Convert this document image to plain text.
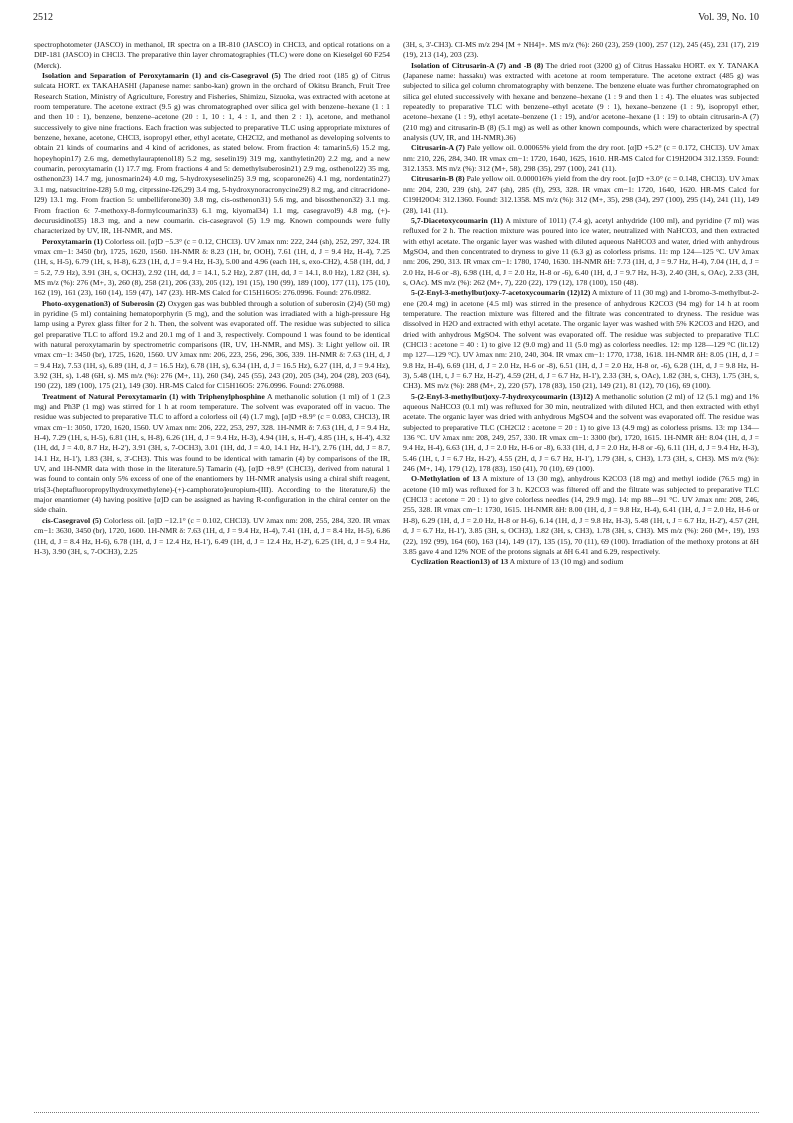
2512	Vol. 39, No. 10

spectrophotometer (JASCO) in methanol, IR spectra on a IR-810 (JASCO) in CHCl3, and optical rotations on a DIP-181 (JASCO) in CHCl3. The preparative thin layer chromatographies (TLC) were done on Kieselgel 60 F254 (Merck).

Isolation and Separation of Peroxytamarin (1) and cis-Casegravol (5) The dried root (185 g) of Citrus sulcata HORT. ex TAKAHASHI (Japanese name: sanbo-kan) grown in the orchard of Okitsu Branch, Fruit Tree Research Station, Ministry of Agriculture, Forestry and Fisheries, Shimizu, Sizuoka, was extracted with acetone at room temperature. The acetone extract (9.5 g) was chromatographed over silica gel with benzene–hexane (1 : 1 and then 10 : 1), benzene, benzene–acetone (20 : 1, 10 : 1, 4 : 1, and then 2 : 1), acetone, and methanol successively to give nine fractions. Each fraction was subjected to preparative TLC using appropriate mixtures of benzene, hexane, acetone, CHCl3, isopropyl ether, ethyl acetate, CH2Cl2, and methanol as developing solvents to obtain 21 kinds of coumarins and 4 kind of acridones, as stated below. From fraction 4: tamarin5,6) 15.2 mg, hopeyhopin17) 2.6 mg, demethylauraptenol18) 5.2 mg, seselin19) 319 mg, xanthyletin20) 2.2 mg, and a new coumarin, peroxytamarin (1) 17.7 mg. From fractions 4 and 5: demethylsuberosin21) 2.9 mg, osthenol22) 35 mg, osthenon23) 14.7 mg, junosmarin24) 4.0 mg, 5-hydroxyseselin25) 3.9 mg, scoparone26) 4.1 mg, nordentatin27) 3.1 mg, natsucitrine-I28) 5.0 mg, citprssine-I26,29) 3.4 mg, 5-hydroxynoracronycine29) 8.2 mg, and citracridone-I29) 13.1 mg. From fraction 5: umbelliferone30) 3.8 mg, cis-osthenon31) 5.6 mg, and bisosthenon32) 3.1 mg. From fraction 6: 7-methoxy-8-formylcoumarin33) 6.1 mg, kiyomal34) 1.1 mg, casegravol9) 4.8 mg, (+)-decurusidinol35) 18.3 mg, and a new coumarin. cis-casegravol (5) 1.9 mg. Known compounds were fully characterized by UV, IR, 1H-NMR, and MS.

Peroxytamarin (1) Colorless oil. [α]D −5.3° (c = 0.12, CHCl3). UV λmax nm: 222, 244 (sh), 252, 297, 324. IR νmax cm−1: 3450 (br), 1725, 1620, 1560. 1H-NMR δ: 8.23 (1H, br, OOH), 7.61 (1H, d, J = 9.4 Hz, H-4), 7.25 (1H, s, H-5), 6.79 (1H, s, H-8), 6.23 (1H, d, J = 9.4 Hz, H-3), 5.00 and 4.96 (each 1H, s, exo-CH2), 4.58 (1H, dd, J = 5.2, 7.9 Hz), 3.91 (3H, s, OCH3), 2.92 (1H, dd, J = 14.1, 5.2 Hz), 2.87 (1H, dd, J = 14.1, 8.0 Hz), 1.82 (3H, s). MS m/z (%): 276 (M+, 3), 260 (8), 258 (21), 206 (33), 205 (12), 191 (15), 190 (99), 189 (100), 177 (11), 175 (10), 162 (19), 161 (23), 160 (14), 159 (47), 147 (23). HR-MS Calcd for C15H16O5: 276.0996. Found: 276.0982.

Photo-oxygenation3) of Suberosin (2) Oxygen gas was bubbled through a solution of suberosin (2)4) (50 mg) in pyridine (5 ml) containing hematoporphyrin (5 mg), and the solution was irradiated with a high-pressure Hg lamp using a Pyrex glass filter for 2 h. Then, the solvent was evaporated off. The residue was subjected to silica gel preparative TLC to afford 19.2 and 20.1 mg of 1 and 3, respectively. Compound 1 was found to be identical with natural peroxytamarin by spectrometric comparisons (IR, UV, 1H-NMR, and MS). 3: Light yellow oil. IR νmax cm−1: 3450 (br), 1725, 1620, 1560. UV λmax nm: 206, 223, 256, 296, 306, 339. 1H-NMR δ: 7.63 (1H, d, J = 9.4 Hz), 7.53 (1H, s), 6.89 (1H, d, J = 16.5 Hz), 6.78 (1H, s), 6.34 (1H, d, J = 16.5 Hz), 6.27 (1H, d, J = 9.4 Hz), 3.92 (3H, s), 1.48 (6H, s). MS m/z (%): 276 (M+, 11), 260 (34), 245 (55), 243 (20), 205 (34), 204 (28), 203 (64), 190 (22), 189 (100), 175 (21), 149 (30). HR-MS Calcd for C15H16O5: 276.0996. Found: 276.0988.

Treatment of Natural Peroxytamarin (1) with Triphenylphosphine A methanolic solution (1 ml) of 1 (2.3 mg) and Ph3P (1 mg) was stirred for 1 h at room temperature. The solvent was evaporated off in vacuo. The residue was subjected to preparative TLC to afford a colorless oil (4) (1.7 mg), [α]D +8.9° (c = 0.083, CHCl3), IR νmax cm−1: 3050, 1720, 1620, 1560. UV λmax nm: 206, 222, 253, 297, 328. 1H-NMR δ: 7.63 (1H, d, J = 9.4 Hz, H-4), 7.29 (1H, s, H-5), 6.81 (1H, s, H-8), 6.26 (1H, d, J = 9.4 Hz, H-3), 4.94 (1H, s, H-4'), 4.85 (1H, s, H-4'), 4.32 (1H, dd, J = 4.0, 8.7 Hz, H-2'), 3.91 (3H, s, 7-OCH3), 3.01 (1H, dd, J = 4.0, 14.1 Hz, H-1'), 2.76 (1H, dd, J = 8.7, 14.1 Hz, H-1'), 1.83 (3H, s, 3'-CH3). This was found to be identical with tamarin (4) by comparisons of the IR, UV, and 1H-NMR data with those in the literature.5) Tamarin (4), [α]D +8.9° (CHCl3), derived from natural 1 was found to contain only 5% excess of one of the enantiomers by 1H-NMR analysis using a chiral shift reagent, tris[3-(heptafluoropropylhydroxymethylene)-(+)-camphorato]europium-(III). According to the literature,6) the major enantiomer (4) having positive [α]D can be assigned as having R-configuration in the chiral center on the side chain.

cis-Casegravol (5) Colorless oil. [α]D −12.1° (c = 0.102, CHCl3). UV λmax nm: 208, 255, 284, 320. IR νmax cm−1: 3630, 3450 (br), 1720, 1600. 1H-NMR δ: 7.63 (1H, d, J = 9.4 Hz, H-4), 7.41 (1H, d, J = 8.4 Hz, H-5), 6.86 (1H, d, J = 8.4 Hz, H-6), 6.78 (1H, d, J = 12.4 Hz, H-1'), 6.49 (1H, d, J = 12.4 Hz, H-2'), 6.25 (1H, d, J = 9.4 Hz, H-3), 3.90 (3H, s, 7-OCH3), 2.25

(3H, s, 3'-CH3). CI-MS m/z 294 [M + NH4]+. MS m/z (%): 260 (23), 259 (100), 257 (12), 245 (45), 231 (17), 219 (19), 213 (14), 203 (23).

Isolation of Citrusarin-A (7) and -B (8) The dried root (3200 g) of Citrus Hassaku HORT. ex Y. TANAKA (Japanese name: hassaku) was extracted with acetone at room temperature. The acetone extract (485 g) was subjected to silica gel column chromatography with benzene. The benzene eluate was further chromatographed on silica gel eluted successively with hexane and benzene–hexane (1 : 9 and then 1 : 4). The eluates was subjected repeatedly to preparative TLC with benzene–ethyl acetate (9 : 1), hexane–benzene (1 : 9), isopropyl ether, acetone–hexane (1 : 9), ethyl acetate–benzene (1 : 19), and/or acetone–hexane (1 : 19) to obtain citrusarin-A (7) (210 mg) and citrusarin-B (8) (5.1 mg) as well as other known compounds, which were characterized by spectral analysis (UV, IR, and 1H-NMR).36)

Citrusarin-A (7) Pale yellow oil. 0.00065% yield from the dry root. [α]D +5.2° (c = 0.172, CHCl3). UV λmax nm: 210, 226, 284, 340. IR νmax cm−1: 1720, 1640, 1625, 1610. HR-MS Calcd for C19H20O4 312.1359. Found: 312.1353. MS m/z (%): 312 (M+, 58), 298 (35), 297 (100), 241 (11).

Citrusarin-B (8) Pale yellow oil. 0.000016% yield from the dry root. [α]D +3.0° (c = 0.148, CHCl3). UV λmax nm: 204, 230, 239 (sh), 247 (sh), 285 (fl), 293, 328. IR νmax cm−1: 1720, 1640, 1620. HR-MS Calcd for C19H20O4: 312.1360. Found: 312.1358. MS m/z (%): 312 (M+, 35), 298 (34), 297 (100), 295 (14), 241 (11), 149 (28), 141 (11).

5,7-Diacetoxycoumarin (11) A mixture of 1011) (7.4 g), acetyl anhydride (100 ml), and pyridine (7 ml) was refluxed for 2 h. The reaction mixture was poured into ice water, neutralized with NaHCO3, and then extracted with ethyl acetate. The organic layer was washed with diluted aqueous NaHCO3 and water, dried with anhydrous MgSO4, and then concentrated to dryness to give 11 (6.3 g) as colorless prisms. 11: mp 124—125 °C. UV λmax nm: 206, 290, 313. IR νmax cm−1: 1780, 1740, 1630. 1H-NMR δH: 7.73 (1H, d, J = 9.7 Hz, H-4), 7.04 (1H, d, J = 2.0 Hz, H-6 or -8), 6.98 (1H, d, J = 2.0 Hz, H-8 or -6), 6.40 (1H, d, J = 9.7 Hz, H-3), 2.40 (3H, s, OAc), 2.33 (3H, s, OAc). MS m/z (%): 262 (M+, 7), 220 (22), 179 (12), 178 (100), 150 (48).

5-(2-Enyl-3-methylbut)oxy-7-acetoxycoumarin (12)12) A mixture of 11 (30 mg) and 1-bromo-3-methylbut-2-ene (20.4 mg) in acetone (4.5 ml) was stirred in the presence of anhydrous K2CO3 (94 mg) for 14 h at room temperature. The reaction mixture was filtered and the filtrate was concentrated to dryness. The residue was dissolved in H2O and extracted with ethyl acetate. The organic layer was washed with 5% K2CO3 and H2O, and dried with anhydrous MgSO4. The solvent was evaporated off. The residue was subjected to preparative TLC (CHCl3 : acetone = 40 : 1) to give 12 (9.0 mg) and 11 (5.0 mg) as colorless needles. 12: mp 128—129 °C (lit.12) mp 127—129 °C). UV λmax nm: 210, 240, 304. IR νmax cm−1: 1770, 1738, 1618. 1H-NMR δH: 8.05 (1H, d, J = 9.8 Hz, H-4), 6.69 (1H, d, J = 2.0 Hz, H-6 or -8), 6.51 (1H, d, J = 2.0 Hz, H-8 or, -6), 6.28 (1H, d, J = 9.8 Hz, H-3), 5.48 (1H, t, J = 6.7 Hz, H-2'), 4.59 (2H, d, J = 6.7 Hz, H-1'), 2.33 (3H, s, OAc), 1.82 (3H, s, CH3), 1.75 (3H, s, CH3). MS m/z (%): 288 (M+, 2), 220 (57), 178 (83), 150 (21), 149 (21), 81 (12), 70 (16), 69 (100).

5-(2-Enyl-3-methylbut)oxy-7-hydroxycoumarin (13)12) A methanolic solution (2 ml) of 12 (5.1 mg) and 1% aqueous NaHCO3 (0.1 ml) was refluxed for 30 min, neutralized with diluted HCl, and then extracted with ethyl acetate. The organic layer was dried with anhydrous MgSO4 and the solvent was evaporated off. The residue was subjected to preparative TLC (CH2Cl2 : acetone = 20 : 1) to give 13 (4.9 mg) as colorless prisms. 13: mp 134—136 °C. UV λmax nm: 208, 249, 257, 330. IR νmax cm−1: 3300 (br), 1720, 1615. 1H-NMR δH: 8.04 (1H, d, J = 9.4 Hz, H-4), 6.63 (1H, d, J = 2.0 Hz, H-6 or -8), 6.33 (1H, d, J = 2.0 Hz, H-8 or -6), 6.11 (1H, d, J = 9.4 Hz, H-3), 5.46 (1H, t, J = 6.7 Hz, H-2'), 4.55 (2H, d, J = 6.7 Hz, H-1'), 1.79 (3H, s, CH3), 1.73 (3H, s, CH3). MS m/z (%): 246 (M+, 14), 179 (12), 178 (83), 150 (41), 70 (10), 69 (100).

O-Methylation of 13 A mixture of 13 (30 mg), anhydrous K2CO3 (18 mg) and methyl iodide (76.5 mg) in acetone (10 ml) was refluxed for 3 h. K2CO3 was filtered off and the filtrate was subjected to preparative TLC (CHCl3 : acetone = 20 : 1) to give colorless needles (14, 29.9 mg). 14: mp 88—91 °C. UV λmax nm: 208, 246, 255, 328. IR νmax cm−1: 1730, 1615. 1H-NMR δH: 8.00 (1H, d, J = 9.8 Hz, H-4), 6.41 (1H, d, J = 2.0 Hz, H-6 or H-8), 6.29 (1H, d, J = 2.0 Hz, H-8 or H-6), 6.14 (1H, d, J = 9.8 Hz, H-3), 5.48 (1H, t, J = 6.7 Hz, H-2'), 4.57 (2H, d, J = 6.7 Hz, H-1'), 3.85 (3H, s, OCH3), 1.82 (3H, s, CH3), 1.78 (3H, s, CH3). MS m/z (%): 260 (M+, 19), 193 (22), 192 (99), 164 (60), 163 (14), 149 (17), 135 (15), 70 (11), 69 (100). Irradiation of the methoxy protons at δH 3.85 gave 4 and 12% NOE of the protons signals at δH 6.41 and 6.29, respectively.

Cyclization Reaction13) of 13 A mixture of 13 (10 mg) and sodium
